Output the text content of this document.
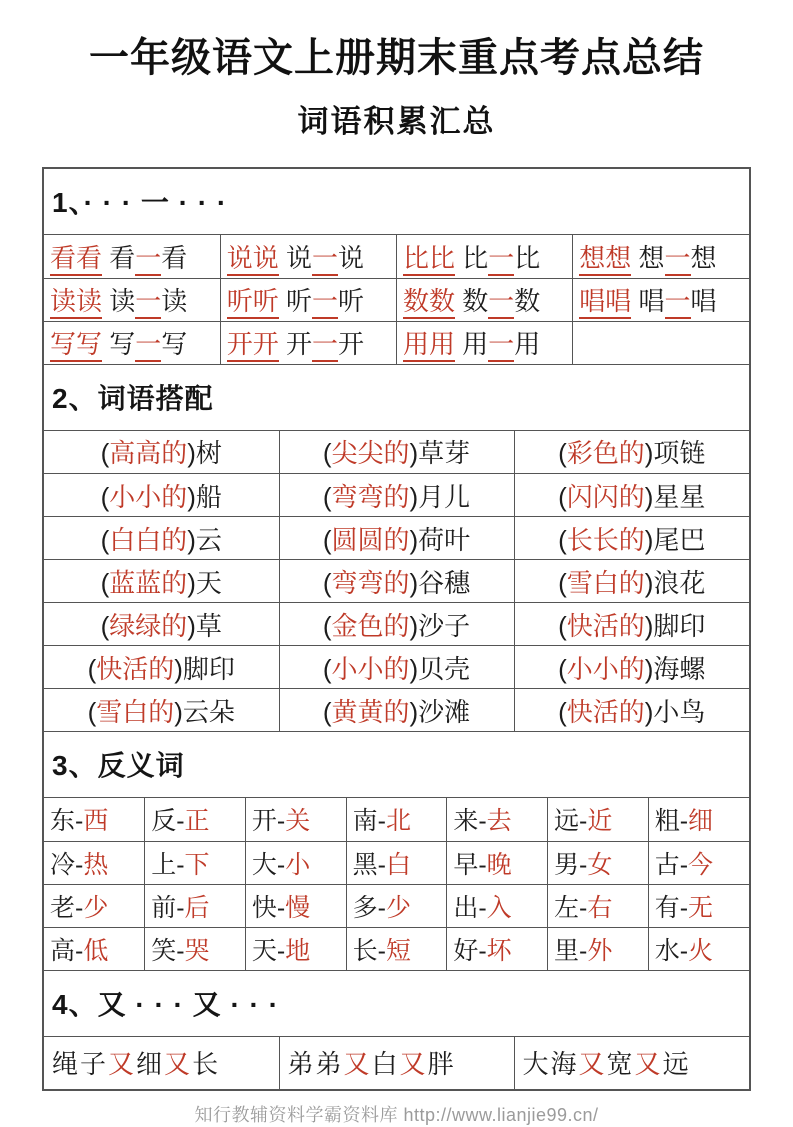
一年级语文上册期末重点考点总结
词语积累汇总
1、· · · 一 · · ·
看看 看一看	说说 说一说	比比 比一比	想想 想一想
读读 读一读	听听 听一听	数数 数一数	唱唱 唱一唱
写写 写一写	开开 开一开	用用 用一用	
2、词语搭配
(高高的)树	(尖尖的)草芽	(彩色的)项链
(小小的)船	(弯弯的)月儿	(闪闪的)星星
(白白的)云	(圆圆的)荷叶	(长长的)尾巴
(蓝蓝的)天	(弯弯的)谷穗	(雪白的)浪花
(绿绿的)草	(金色的)沙子	(快活的)脚印
(快活的)脚印	(小小的)贝壳	(小小的)海螺
(雪白的)云朵	(黄黄的)沙滩	(快活的)小鸟
3、反义词
东-西	反-正	开-关	南-北	来-去	远-近	粗-细
冷-热	上-下	大-小	黑-白	早-晚	男-女	古-今
老-少	前-后	快-慢	多-少	出-入	左-右	有-无
高-低	笑-哭	天-地	长-短	好-坏	里-外	水-火
4、又 · · · 又 · · ·
绳子又细又长	弟弟又白又胖	大海又宽又远
知行教辅资料学霸资料库 http://www.lianjie99.cn/
